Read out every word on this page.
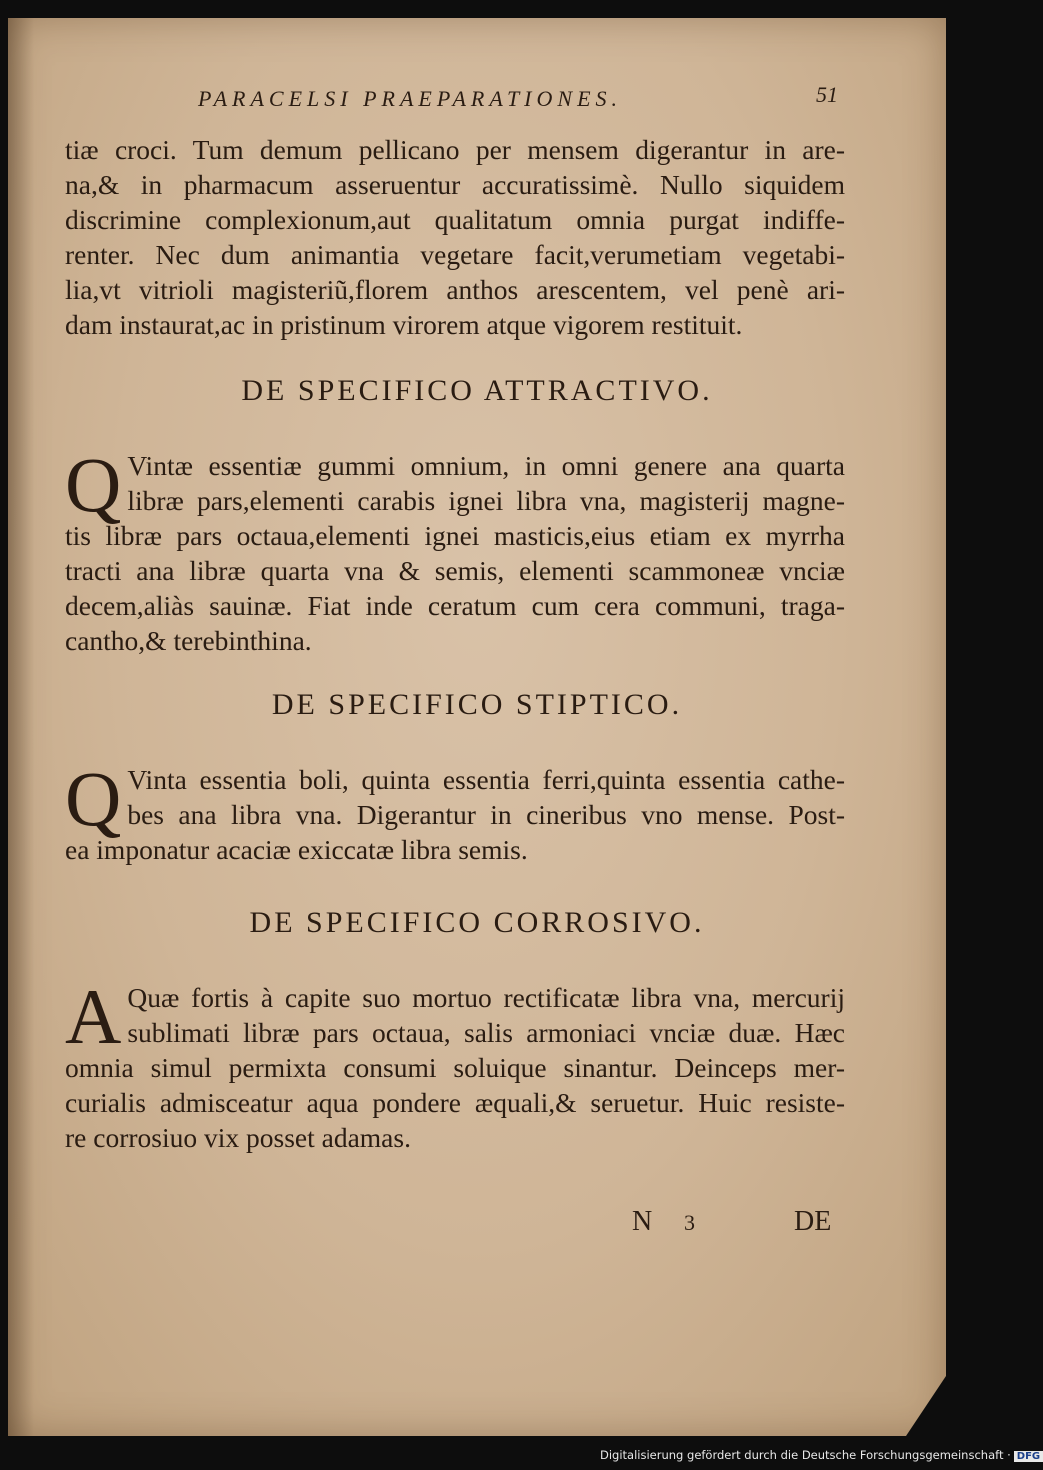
PARACELSI PRAEPARATIONES.	51

tiæ croci. Tum demum pellicano per mensem digerantur in are-
na,& in pharmacum asseruentur accuratissimè. Nullo siquidem
discrimine complexionum,aut qualitatum omnia purgat indiffe-
renter. Nec dum animantia vegetare facit,verumetiam vegetabi-
lia,vt vitrioli magisteriũ,florem anthos arescentem, vel penè ari-
dam instaurat,ac in pristinum virorem atque vigorem restituit.

DE SPECIFICO ATTRACTIVO.
Q Vintæ essentiæ gummi omnium, in omni genere ana quarta
libræ pars,elementi carabis ignei libra vna, magisterij magne-
tis libræ pars octaua,elementi ignei masticis,eius etiam ex myrrha
tracti ana libræ quarta vna & semis, elementi scammoneæ vnciæ
decem,aliàs sauinæ. Fiat inde ceratum cum cera communi, traga-
cantho,& terebinthina.
DE SPECIFICO STIPTICO.
Q Vinta essentia boli, quinta essentia ferri,quinta essentia cathe-
bes ana libra vna. Digerantur in cineribus vno mense. Post-
ea imponatur acaciæ exiccatæ libra semis.
DE SPECIFICO CORROSIVO.
A Quæ fortis à capite suo mortuo rectificatæ libra vna, mercurij
sublimati libræ pars octaua, salis armoniaci vnciæ duæ. Hæc
omnia simul permixta consumi soluique sinantur. Deinceps mer-
curialis admisceatur aqua pondere æquali,& seruetur. Huic resiste-
re corrosiuo vix posset adamas.
N 3	DE
Digitalisierung gefördert durch die Deutsche Forschungsgemeinschaft · DFG
